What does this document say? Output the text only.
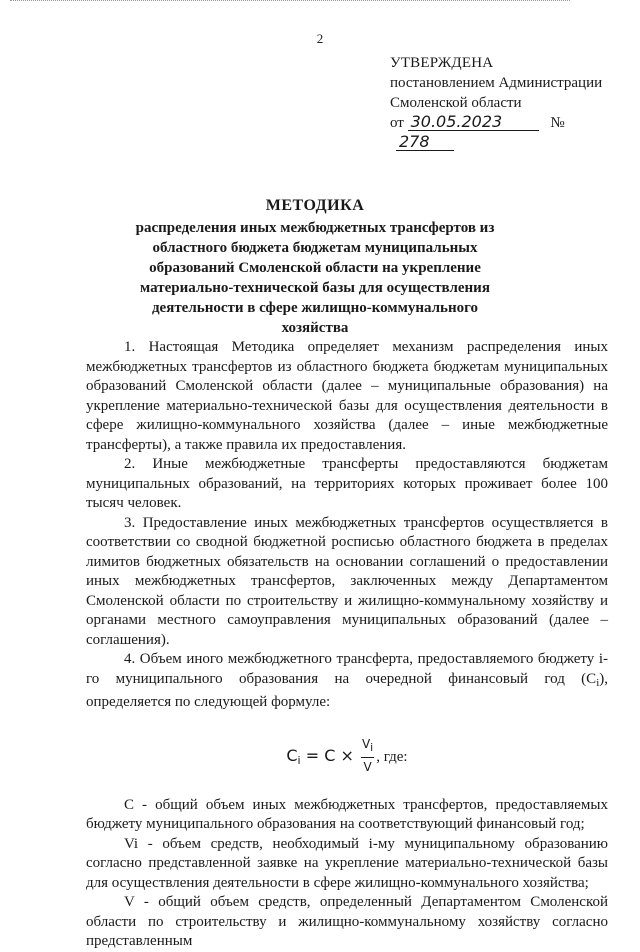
2
УТВЕРЖДЕНА
постановлением Администрации
Смоленской области
от 30.05.2023	№ 278
МЕТОДИКА
распределения иных межбюджетных трансфертов из областного бюджета бюджетам муниципальных образований Смоленской области на укрепление материально-технической базы для осуществления деятельности в сфере жилищно-коммунального хозяйства

1. Настоящая Методика определяет механизм распределения иных межбюджетных трансфертов из областного бюджета бюджетам муниципальных образований Смоленской области (далее – муниципальные образования) на укрепление материально-технической базы для осуществления деятельности в сфере жилищно-коммунального хозяйства (далее – иные межбюджетные трансферты), а также правила их предоставления.

2. Иные межбюджетные трансферты предоставляются бюджетам муниципальных образований, на территориях которых проживает более 100 тысяч человек.

3. Предоставление иных межбюджетных трансфертов осуществляется в соответствии со сводной бюджетной росписью областного бюджета в пределах лимитов бюджетных обязательств на основании соглашений о предоставлении иных межбюджетных трансфертов, заключенных между Департаментом Смоленской области по строительству и жилищно-коммунальному хозяйству и органами местного самоуправления муниципальных образований (далее – соглашения).

4. Объем иного межбюджетного трансферта, предоставляемого бюджету i-го муниципального образования на очередной финансовый год $(C_i)$, определяется по следующей формуле:

$C_i = C \times \frac{Vi}{V}$ , где:

C - общий объем иных межбюджетных трансфертов, предоставляемых бюджету муниципального образования на соответствующий финансовый год;

Vi - объем средств, необходимый i-му муниципальному образованию согласно представленной заявке на укрепление материально-технической базы для осуществления деятельности в сфере жилищно-коммунального хозяйства;

V - общий объем средств, определенный Департаментом Смоленской области по строительству и жилищно-коммунальному хозяйству согласно представленным
